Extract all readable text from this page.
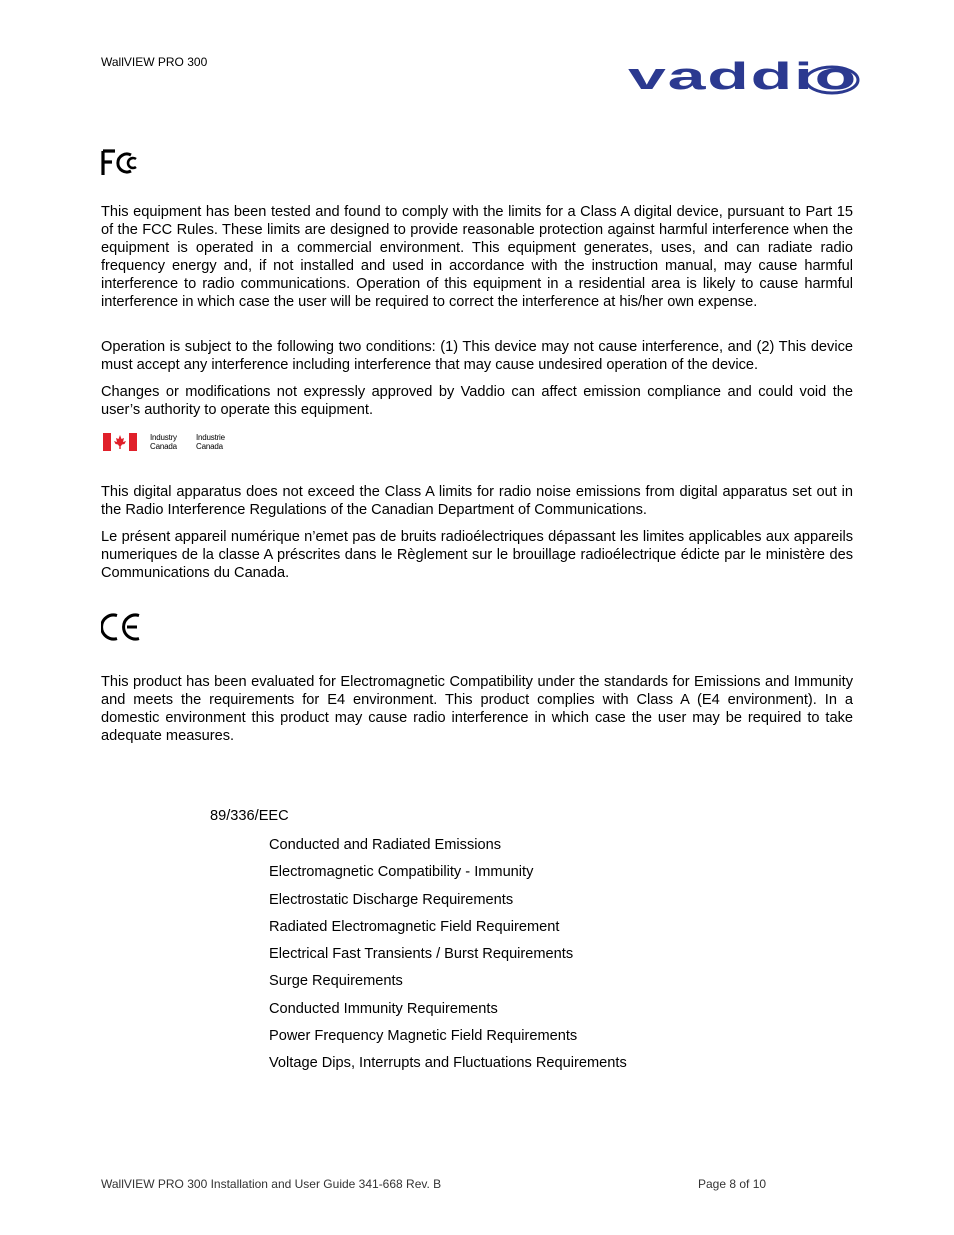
WallVIEW PRO 300	vaddio

This equipment has been tested and found to comply with the limits for a Class A digital device, pursuant to Part 15 of the FCC Rules. These limits are designed to provide reasonable protection against harmful interference when the equipment is operated in a commercial environment. This equipment generates, uses, and can radiate radio frequency energy and, if not installed and used in accordance with the instruction manual, may cause harmful interference to radio communications. Operation of this equipment in a residential area is likely to cause harmful interference in which case the user will be required to correct the interference at his/her own expense.

Operation is subject to the following two conditions: (1) This device may not cause interference, and (2) This device must accept any interference including interference that may cause undesired operation of the device.

Changes or modifications not expressly approved by Vaddio can affect emission compliance and could void the user’s authority to operate this equipment.

Industry
Canada
Industrie
Canada

This digital apparatus does not exceed the Class A limits for radio noise emissions from digital apparatus set out in the Radio Interference Regulations of the Canadian Department of Communications.

Le présent appareil numérique n’emet pas de bruits radioélectriques dépassant les limites applicables aux appareils numeriques de la classe A préscrites dans le Règlement sur le brouillage radioélectrique édicte par le ministère des Communications du Canada.

This product has been evaluated for Electromagnetic Compatibility under the standards for Emissions and Immunity and meets the requirements for E4 environment. This product complies with Class A (E4 environment). In a domestic environment this product may cause radio interference in which case the user may be required to take adequate measures.

89/336/EEC
Conducted and Radiated Emissions
Electromagnetic Compatibility - Immunity
Electrostatic Discharge Requirements
Radiated Electromagnetic Field Requirement
Electrical Fast Transients / Burst Requirements
Surge Requirements
Conducted Immunity Requirements
Power Frequency Magnetic Field Requirements
Voltage Dips, Interrupts and Fluctuations Requirements
WallVIEW PRO 300 Installation and User Guide 341-668 Rev. B	Page 8 of 10
